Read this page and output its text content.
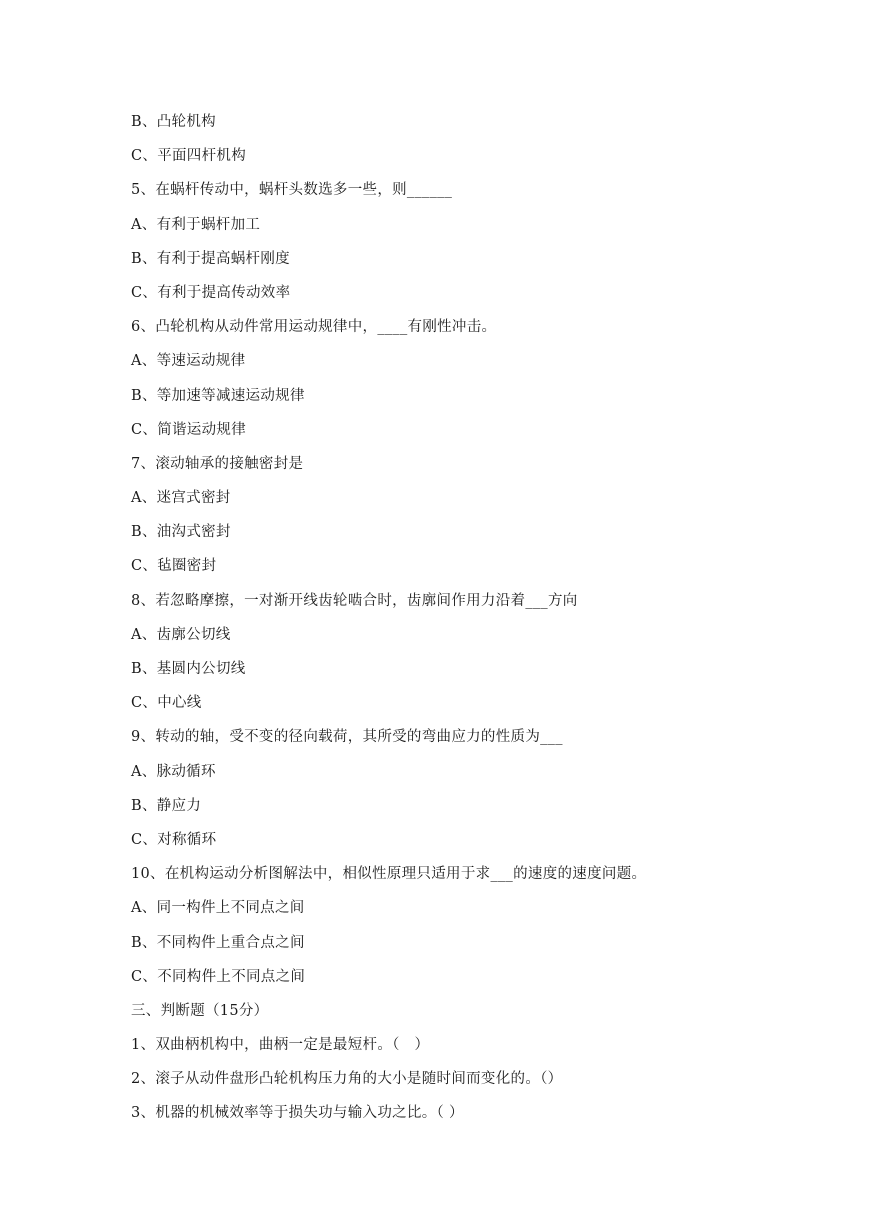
B、凸轮机构
C、平面四杆机构
5、在蜗杆传动中，蜗杆头数选多一些，则______
A、有利于蜗杆加工
B、有利于提高蜗杆刚度
C、有利于提高传动效率
6、凸轮机构从动件常用运动规律中，____有刚性冲击。
A、等速运动规律
B、等加速等减速运动规律
C、简谐运动规律
7、滚动轴承的接触密封是
A、迷宫式密封
B、油沟式密封
C、毡圈密封
8、若忽略摩擦，一对渐开线齿轮啮合时，齿廓间作用力沿着___方向
A、齿廓公切线
B、基圆内公切线
C、中心线
9、转动的轴，受不变的径向载荷，其所受的弯曲应力的性质为___
A、脉动循环
B、静应力
C、对称循环
10、在机构运动分析图解法中，相似性原理只适用于求___的速度的速度问题。
A、同一构件上不同点之间
B、不同构件上重合点之间
C、不同构件上不同点之间
三、判断题（15分）
1、双曲柄机构中，曲柄一定是最短杆。（　）
2、滚子从动件盘形凸轮机构压力角的大小是随时间而变化的。（）
3、机器的机械效率等于损失功与输入功之比。（ ）
